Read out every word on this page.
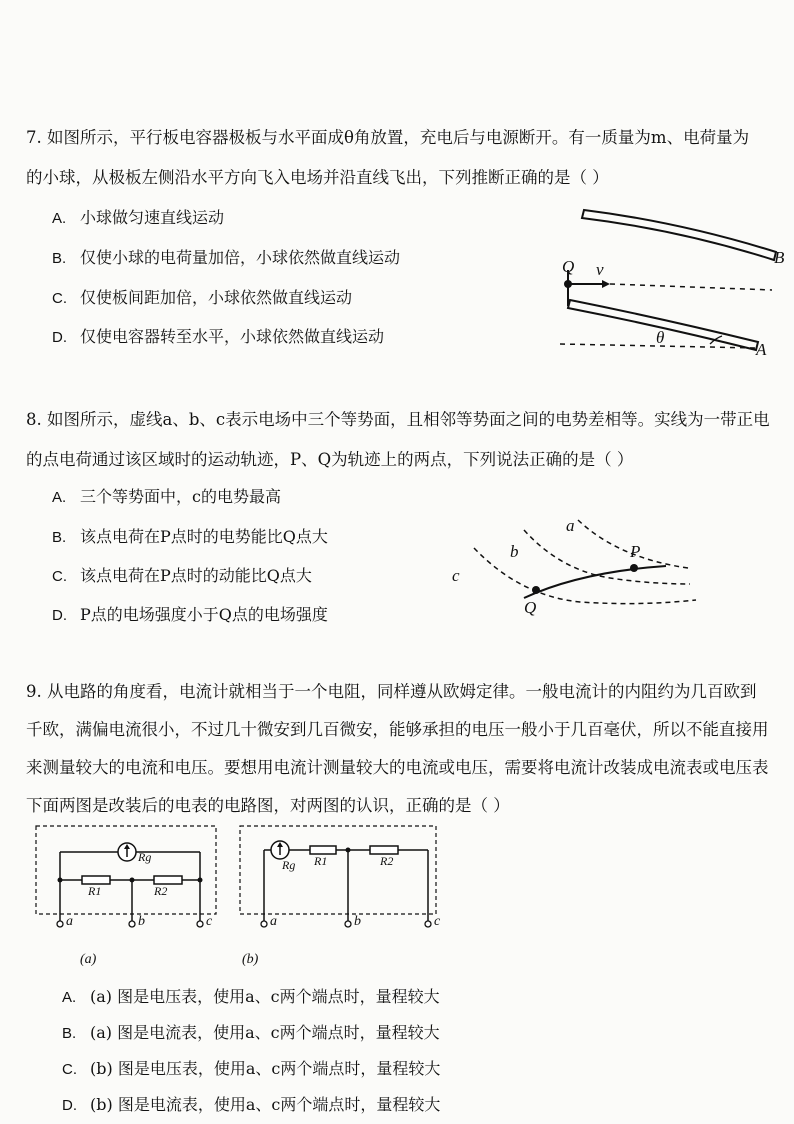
7. 如图所示，平行板电容器极板与水平面成θ角放置，充电后与电源断开。有一质量为m、电荷量为
的小球，从极板左侧沿水平方向飞入电场并沿直线飞出，下列推断正确的是（ ）
A. 小球做匀速直线运动
B. 仅使小球的电荷量加倍，小球依然做直线运动
C. 仅使板间距加倍，小球依然做直线运动
D. 仅使电容器转至水平，小球依然做直线运动
Q v
B
A
θ
8. 如图所示，虚线a、b、c表示电场中三个等势面，且相邻等势面之间的电势差相等。实线为一带正电
的点电荷通过该区域时的运动轨迹，P、Q为轨迹上的两点，下列说法正确的是（ ）
A. 三个等势面中，c的电势最高
B. 该点电荷在P点时的电势能比Q点大
C. 该点电荷在P点时的动能比Q点大
D. P点的电场强度小于Q点的电场强度
a
b
c
P
Q
9. 从电路的角度看，电流计就相当于一个电阻，同样遵从欧姆定律。一般电流计的内阻约为几百欧到
千欧，满偏电流很小，不过几十微安到几百微安，能够承担的电压一般小于几百毫伏，所以不能直接用
来测量较大的电流和电压。要想用电流计测量较大的电流或电压，需要将电流计改装成电流表或电压表
下面两图是改装后的电表的电路图，对两图的认识，正确的是（ ）
Rg
R1	R2
a	b	c
(a)
Rg R1	R2
a	b	c
(b)
A. (a) 图是电压表，使用a、c两个端点时，量程较大
B. (a) 图是电流表，使用a、c两个端点时，量程较大
C. (b) 图是电压表，使用a、c两个端点时，量程较大
D. (b) 图是电流表，使用a、c两个端点时，量程较大
